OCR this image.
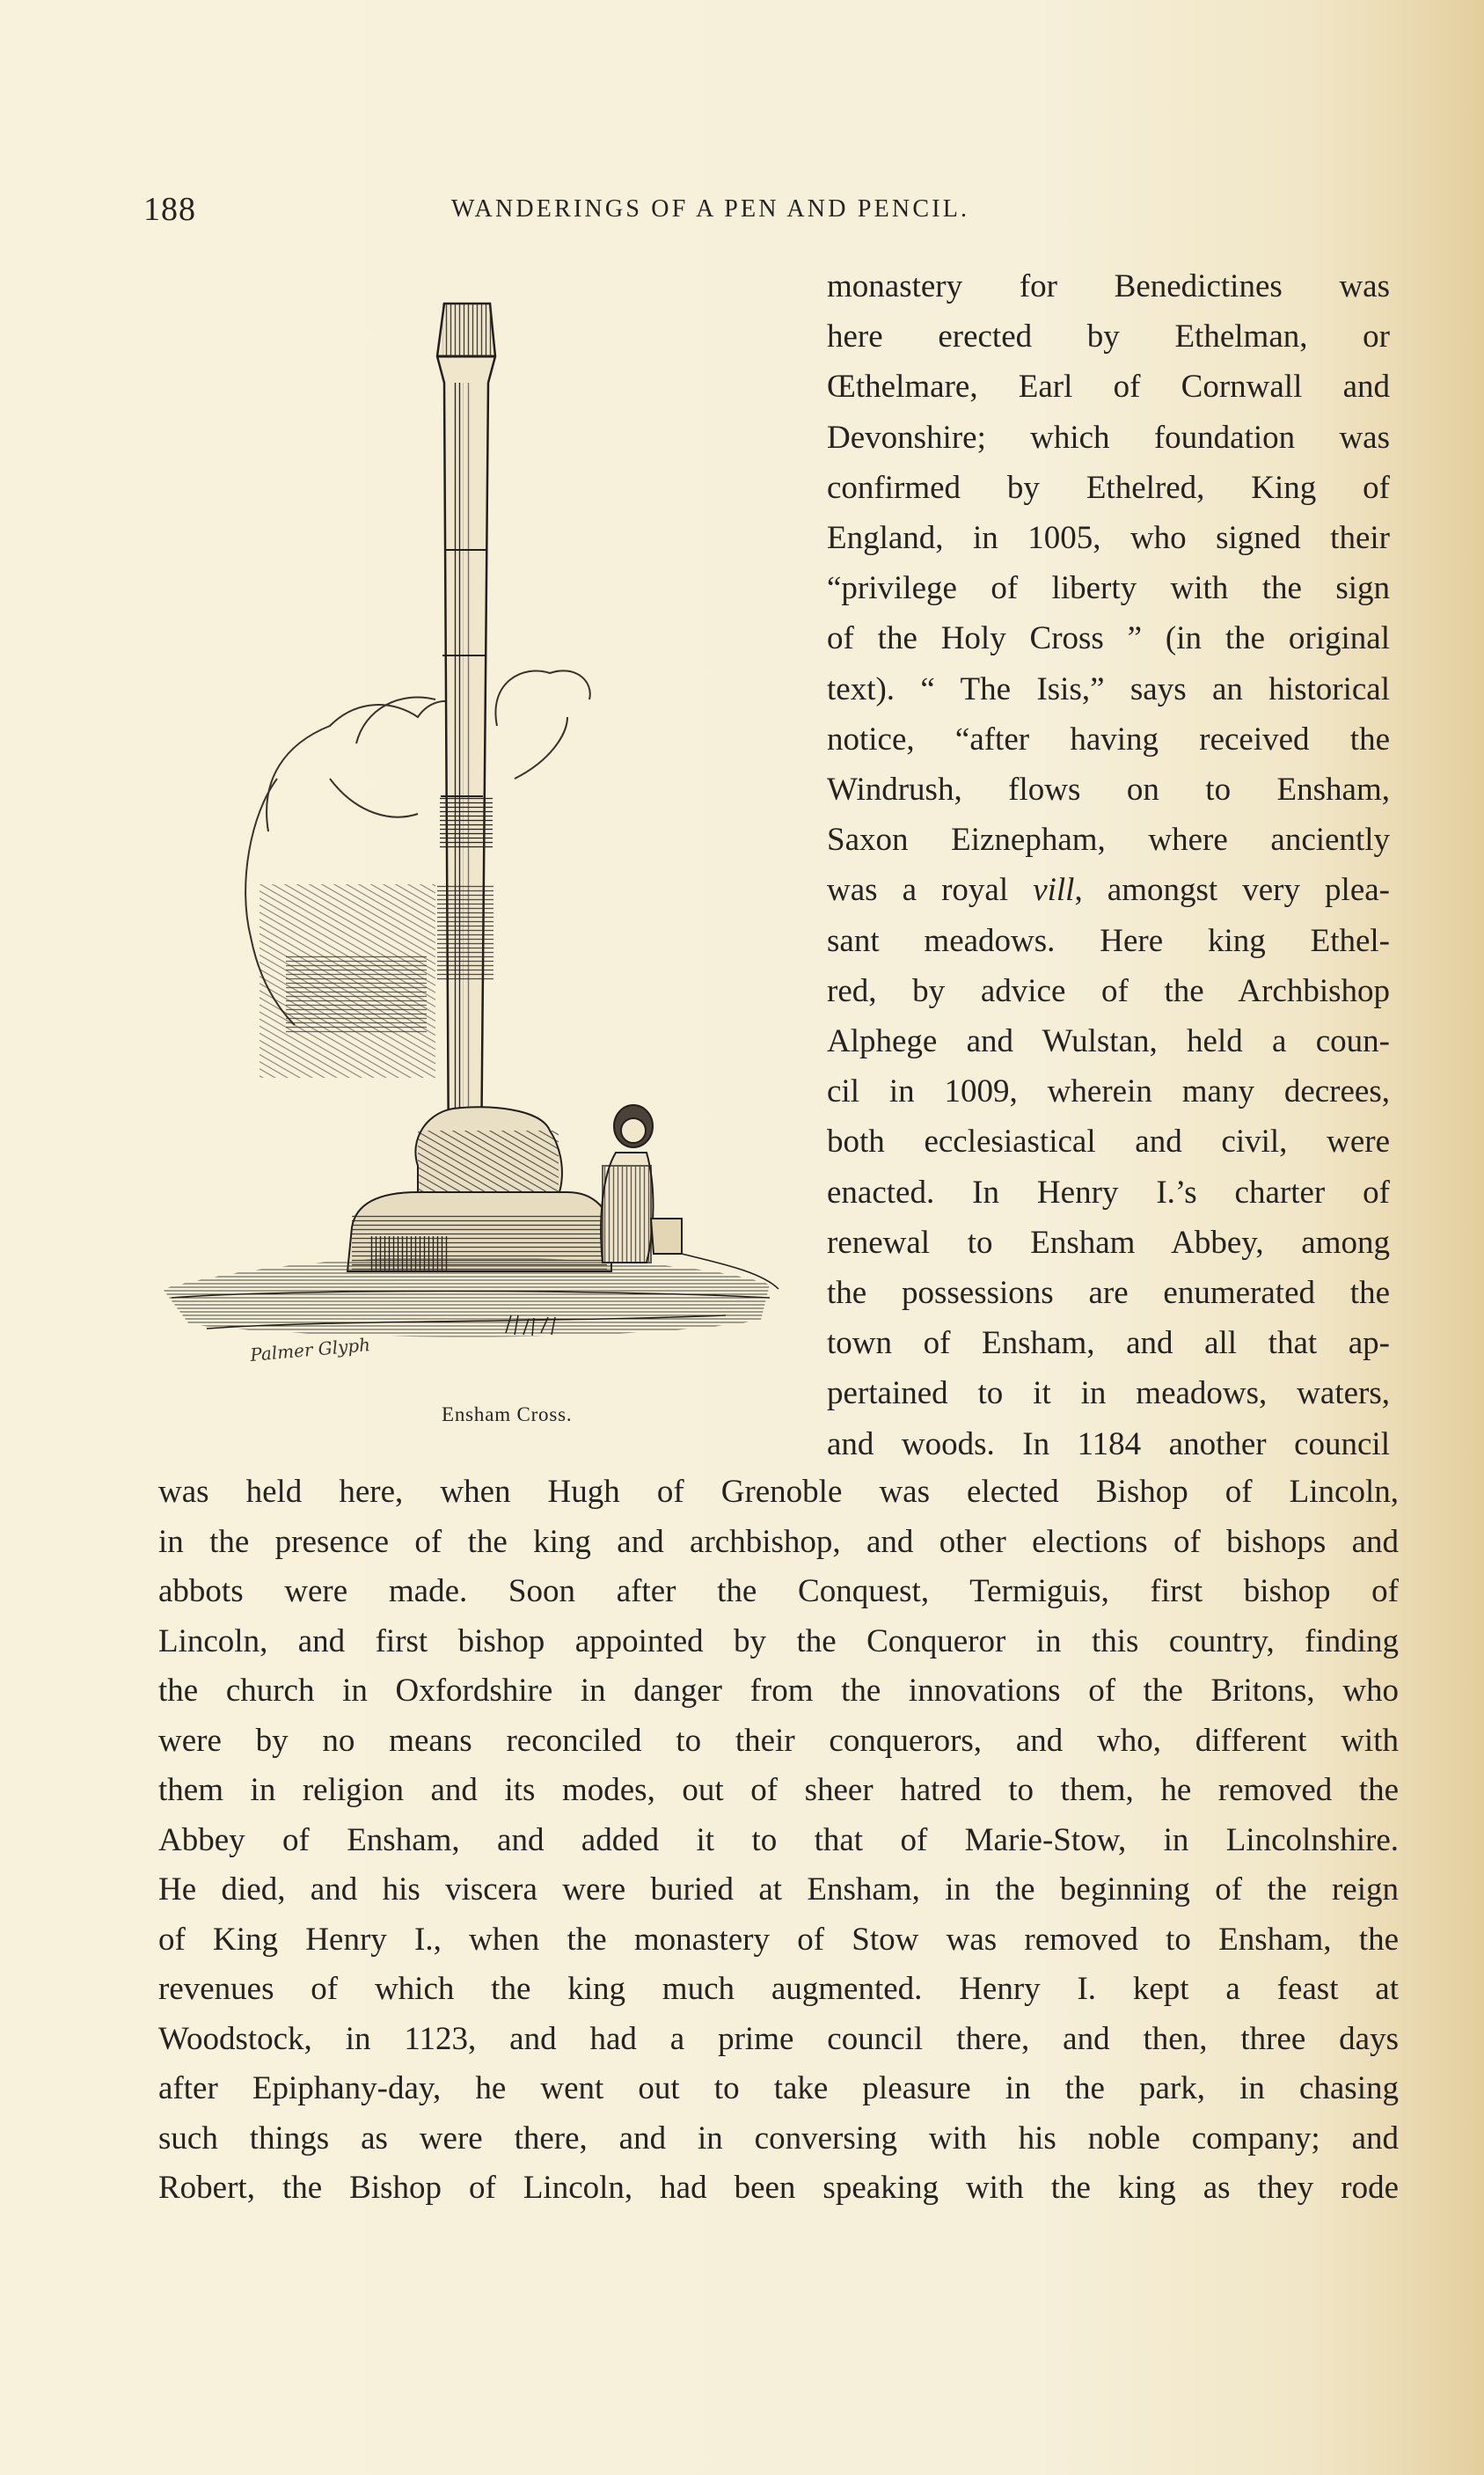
188	WANDERINGS OF A PEN AND PENCIL.
Palmer Glyph
Ensham Cross.
monastery for Benedictines was
here erected by Ethelman, or
Œthelmare, Earl of Cornwall and
Devonshire; which foundation was
confirmed by Ethelred, King of
England, in 1005, who signed their
“privilege of liberty with the sign
of the Holy Cross ” (in the original
text). “ The Isis,” says an historical
notice, “after having received the
Windrush, flows on to Ensham,
Saxon Eiznepham, where anciently
was a royal vill, amongst very plea-
sant meadows. Here king Ethel-
red, by advice of the Archbishop
Alphege and Wulstan, held a coun-
cil in 1009, wherein many decrees,
both ecclesiastical and civil, were
enacted. In Henry I.’s charter of
renewal to Ensham Abbey, among
the possessions are enumerated the
town of Ensham, and all that ap-
pertained to it in meadows, waters,
and woods. In 1184 another council
was held here, when Hugh of Grenoble was elected Bishop of Lincoln,
in the presence of the king and archbishop, and other elections of bishops and
abbots were made. Soon after the Conquest, Termiguis, first bishop of
Lincoln, and first bishop appointed by the Conqueror in this country, finding
the church in Oxfordshire in danger from the innovations of the Britons, who
were by no means reconciled to their conquerors, and who, different with
them in religion and its modes, out of sheer hatred to them, he removed the
Abbey of Ensham, and added it to that of Marie-Stow, in Lincolnshire.
He died, and his viscera were buried at Ensham, in the beginning of the reign
of King Henry I., when the monastery of Stow was removed to Ensham, the
revenues of which the king much augmented. Henry I. kept a feast at
Woodstock, in 1123, and had a prime council there, and then, three days
after Epiphany-day, he went out to take pleasure in the park, in chasing
such things as were there, and in conversing with his noble company; and
Robert, the Bishop of Lincoln, had been speaking with the king as they rode
